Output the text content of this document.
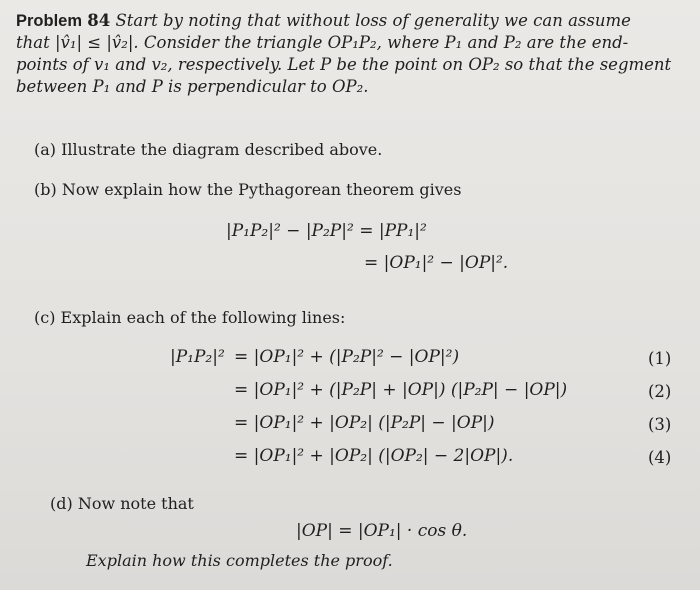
Problem 84 Start by noting that without loss of generality we can assume
that |v̂₁| ≤ |v̂₂|. Consider the triangle OP₁P₂, where P₁ and P₂ are the end-
points of v₁ and v₂, respectively. Let P be the point on OP₂ so that the segment
between P₁ and P is perpendicular to OP₂.
(a) Illustrate the diagram described above.
(b) Now explain how the Pythagorean theorem gives
|P₁P₂|² − |P₂P|² = |PP₁|²
= |OP₁|² − |OP|².
(c) Explain each of the following lines:
|P₁P₂|² = |OP₁|² + (|P₂P|² − |OP|²)	(1)
= |OP₁|² + (|P₂P| + |OP|) (|P₂P| − |OP|)	(2)
= |OP₁|² + |OP₂| (|P₂P| − |OP|)	(3)
= |OP₁|² + |OP₂| (|OP₂| − 2|OP|).	(4)
(d) Now note that
|OP| = |OP₁| · cos θ.
Explain how this completes the proof.
